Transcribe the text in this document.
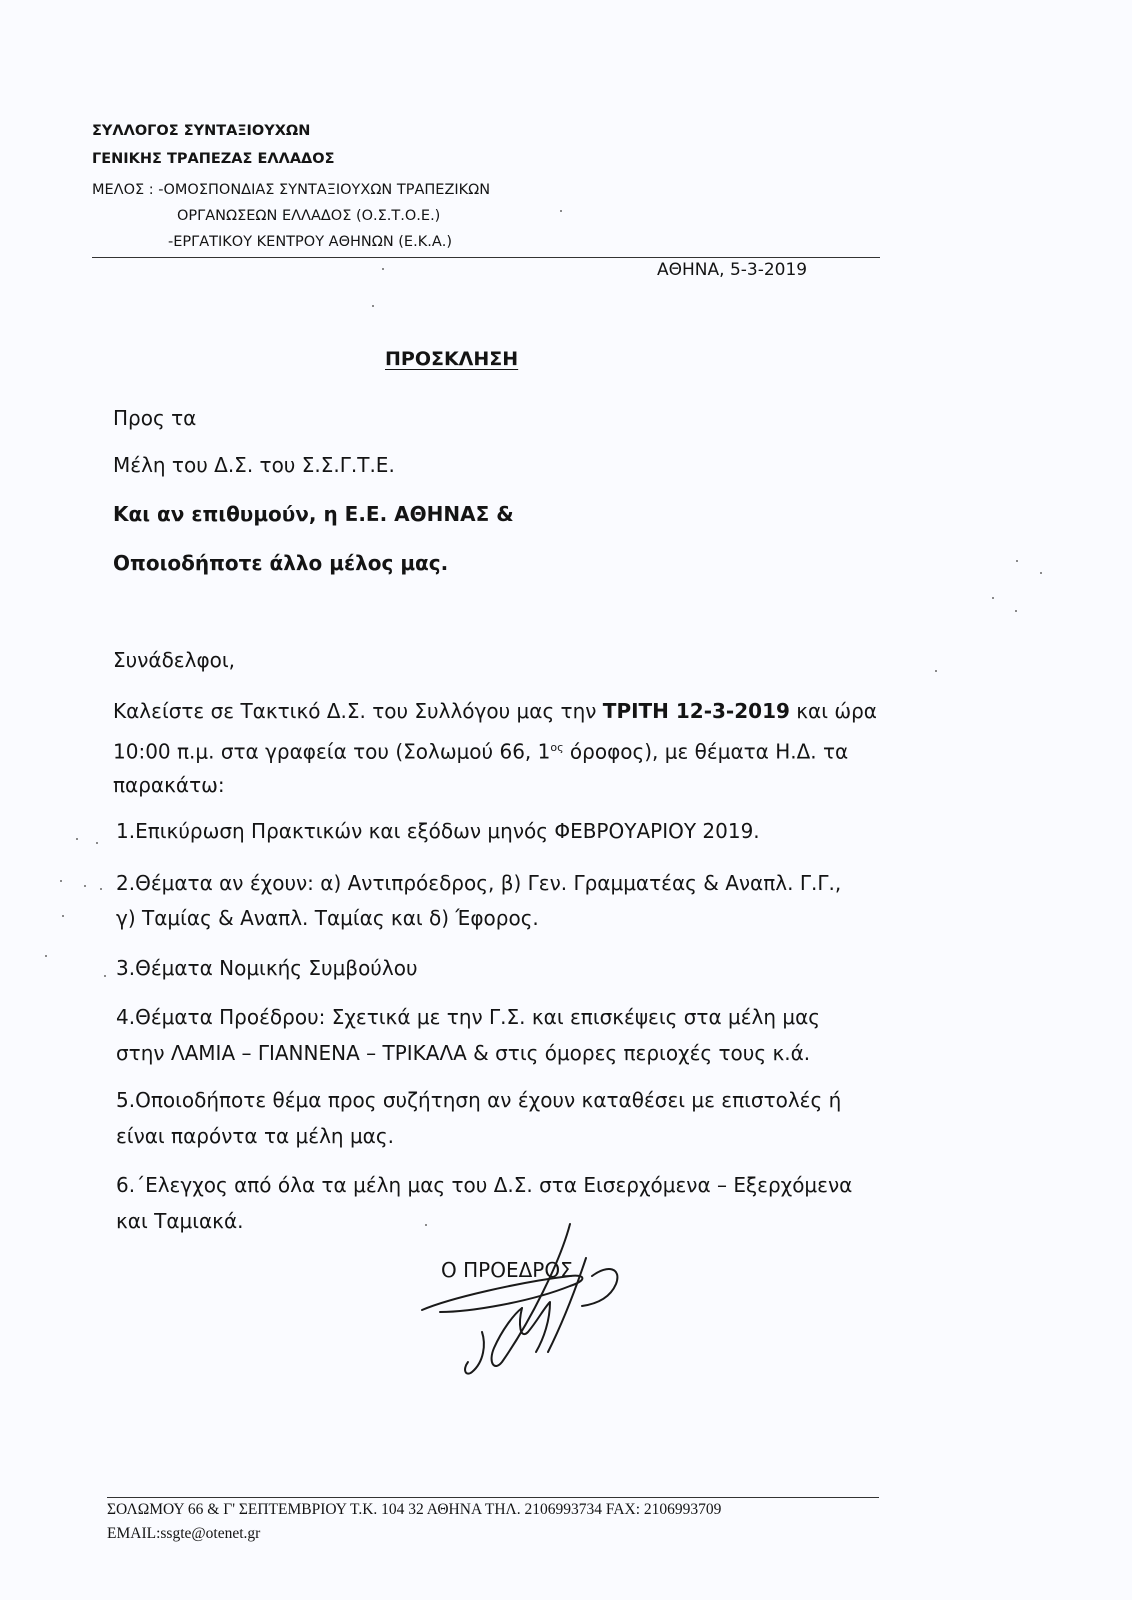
ΣΥΛΛΟΓΟΣ ΣΥΝΤΑΞΙΟΥΧΩΝ
ΓΕΝΙΚΗΣ ΤΡΑΠΕΖΑΣ ΕΛΛΑΔΟΣ
ΜΕΛΟΣ : -ΟΜΟΣΠΟΝΔΙΑΣ ΣΥΝΤΑΞΙΟΥΧΩΝ ΤΡΑΠΕΖΙΚΩΝ
ΟΡΓΑΝΩΣΕΩΝ ΕΛΛΑΔΟΣ (Ο.Σ.Τ.Ο.Ε.)
-ΕΡΓΑΤΙΚΟΥ ΚΕΝΤΡΟΥ ΑΘΗΝΩΝ (Ε.Κ.Α.)
ΑΘΗΝΑ, 5-3-2019
ΠΡΟΣΚΛΗΣΗ
Προς τα
Μέλη του Δ.Σ. του Σ.Σ.Γ.Τ.Ε.
Και αν επιθυμούν, η Ε.Ε. ΑΘΗΝΑΣ &
Οποιοδήποτε άλλο μέλος μας.
Συνάδελφοι,
Καλείστε σε Τακτικό Δ.Σ. του Συλλόγου μας την ΤΡΙΤΗ 12-3-2019 και ώρα
10:00 π.μ. στα γραφεία του (Σολωμού 66, $1^{o\varsigma}$ όροφος), με θέματα Η.Δ. τα
παρακάτω:
1.Επικύρωση Πρακτικών και εξόδων μηνός ΦΕΒΡΟΥΑΡΙΟΥ 2019.
2.Θέματα αν έχουν: α) Αντιπρόεδρος, β) Γεν. Γραμματέας & Αναπλ. Γ.Γ.,
γ) Ταμίας & Αναπλ. Ταμίας και δ) Έφορος.
3.Θέματα Νομικής Συμβούλου
4.Θέματα Προέδρου: Σχετικά με την Γ.Σ. και επισκέψεις στα μέλη μας
στην ΛΑΜΙΑ – ΓΙΑΝΝΕΝΑ – ΤΡΙΚΑΛΑ & στις όμορες περιοχές τους κ.ά.
5.Οποιοδήποτε θέμα προς συζήτηση αν έχουν καταθέσει με επιστολές ή
είναι παρόντα τα μέλη μας.
6.΄Ελεγχος από όλα τα μέλη μας του Δ.Σ. στα Εισερχόμενα – Εξερχόμενα
και Ταμιακά.
Ο ΠΡΟΕΔΡΟΣ
ΣΟΛΩΜΟΥ 66 & Γ' ΣΕΠΤΕΜΒΡΙΟΥ Τ.Κ. 104 32 ΑΘΗΝΑ ΤΗΛ. 2106993734 FAX: 2106993709
EMAIL:ssgte@otenet.gr
